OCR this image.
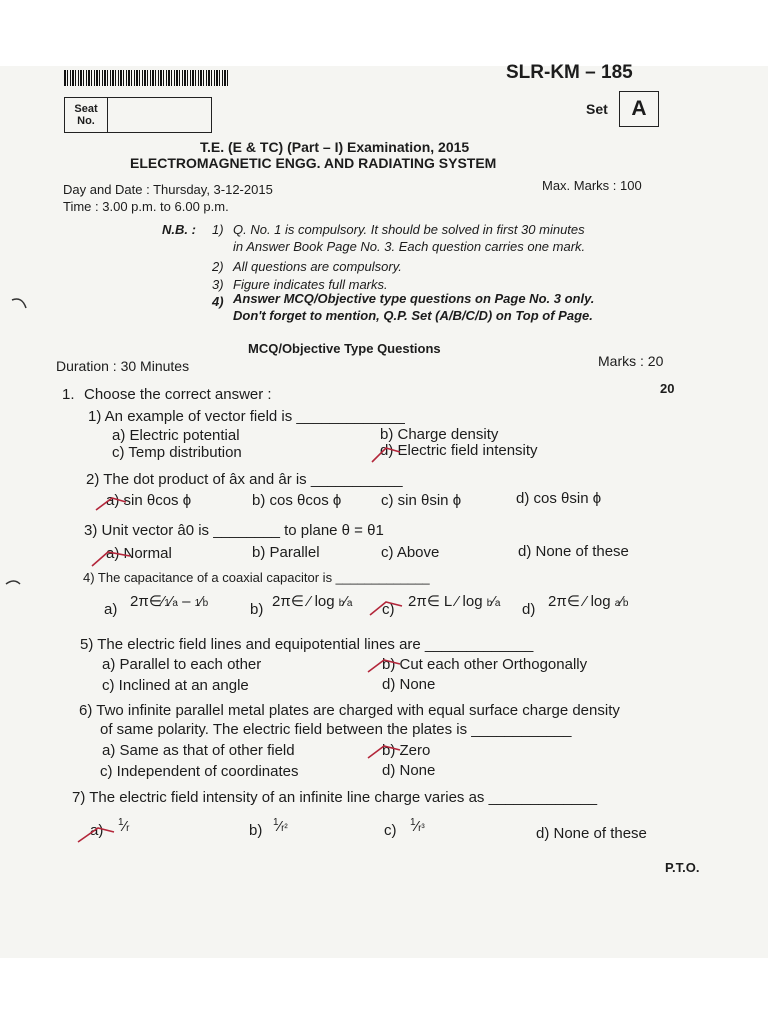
SLR-KM – 185
Seat
No.
Set	A
T.E. (E & TC) (Part – I) Examination, 2015
ELECTROMAGNETIC ENGG. AND RADIATING SYSTEM
Day and Date : Thursday, 3-12-2015	Max. Marks : 100
Time : 3.00 p.m. to 6.00 p.m.
N.B. : 1) Q. No. 1 is compulsory. It should be solved in first 30 minutes
in Answer Book Page No. 3. Each question carries one mark.
2) All questions are compulsory.
3) Figure indicates full marks.
4) Answer MCQ/Objective type questions on Page No. 3 only.
Don't forget to mention, Q.P. Set (A/B/C/D) on Top of Page.
MCQ/Objective Type Questions
Duration : 30 Minutes	Marks : 20
20
1. Choose the correct answer :
1) An example of vector field is _____________
a) Electric potential	b) Charge density
c) Temp distribution	d) Electric field intensity
2) The dot product of âx and âr is ___________
a) sin θcos ϕ	b) cos θcos ϕ	c) sin θsin ϕ	d) cos θsin ϕ
3) Unit vector â0 is ________ to plane θ = θ1
a) Normal	b) Parallel	c) Above	d) None of these
4) The capacitance of a coaxial capacitor is _____________
a) 2π∈⁄1⁄a – 1⁄b	b) 2π∈ ⁄ log b⁄a c) 2π∈ L ⁄ log b⁄a d) 2π∈ ⁄ log a⁄b
5) The electric field lines and equipotential lines are _____________
a) Parallel to each other	b) Cut each other Orthogonally
c) Inclined at an angle	d) None
6) Two infinite parallel metal plates are charged with equal surface charge density
of same polarity. The electric field between the plates is ____________
a) Same as that of other field	b) Zero
c) Independent of coordinates	d) None
7) The electric field intensity of an infinite line charge varies as _____________
a) $^1$⁄r	b) $^1$⁄r²	c) $^1$⁄r³	d) None of these
P.T.O.
